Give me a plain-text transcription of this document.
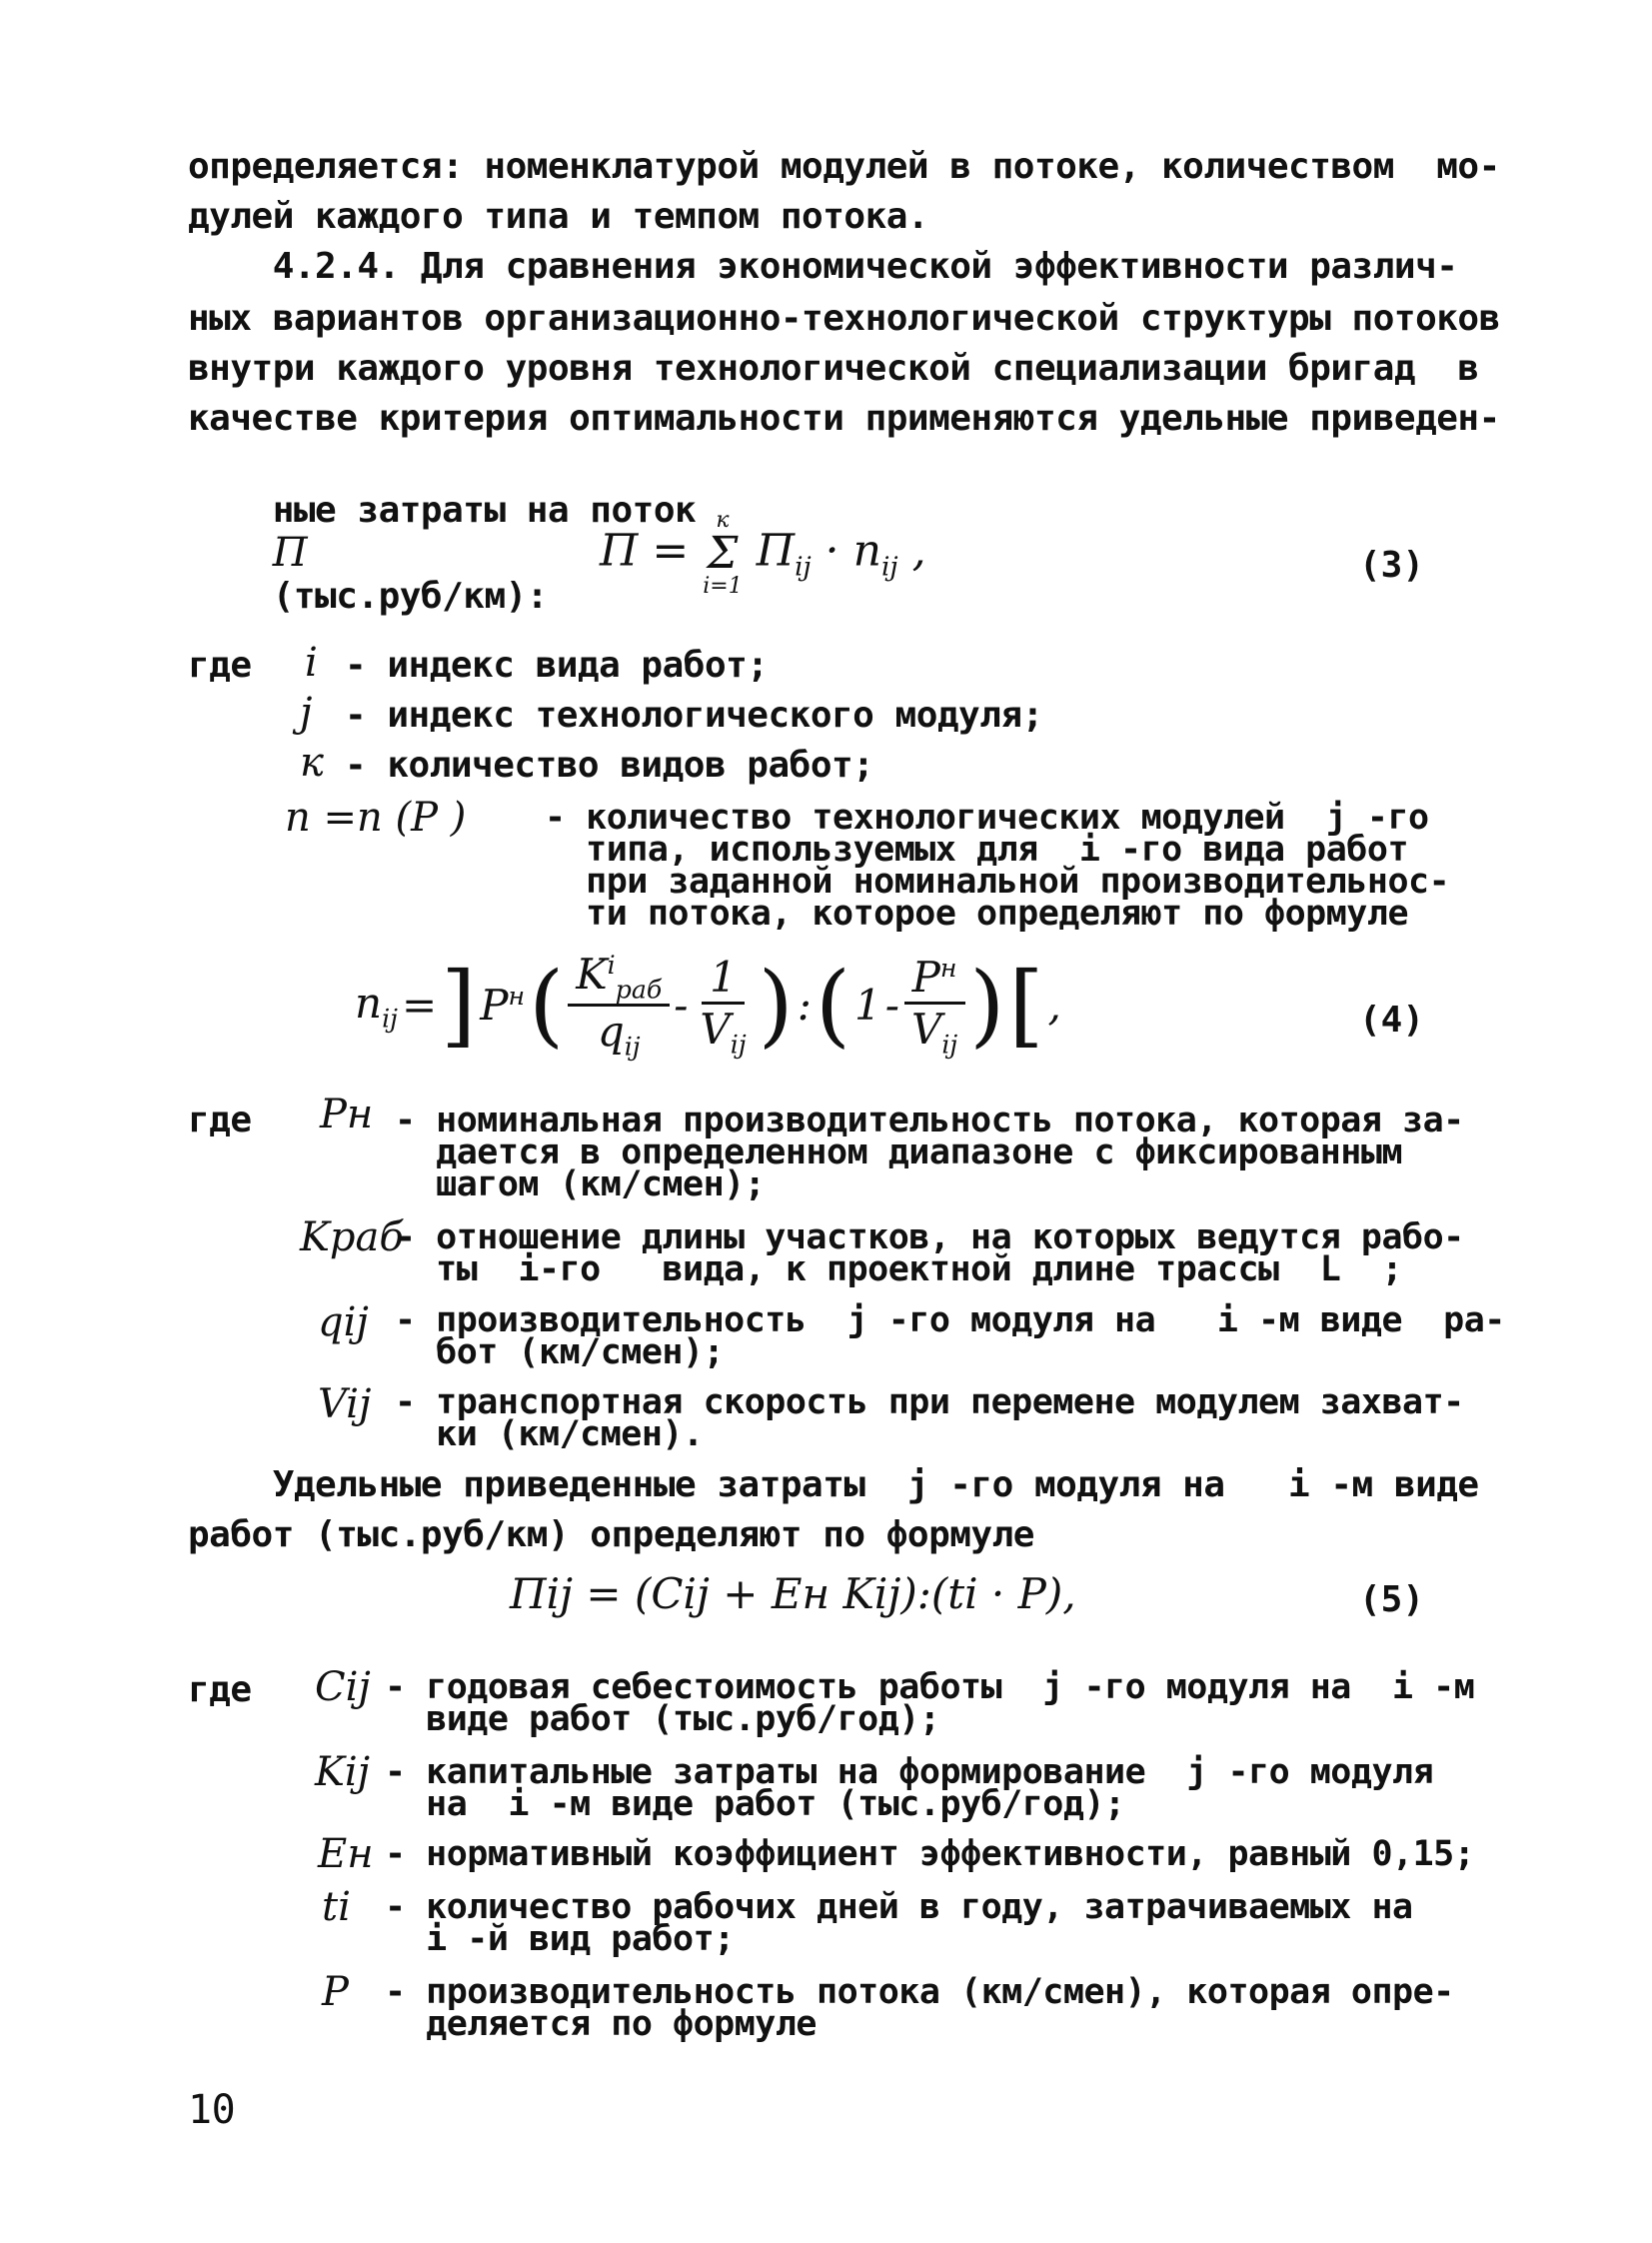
определяется: номенклатурой модулей в потоке, количеством  мо-
дулей каждого типа и темпом потока.
4.2.4. Для сравнения экономической эффективности различ-
ных вариантов организационно-технологической структуры потоков
внутри каждого уровня технологической специализации бригад  в
качестве критерия оптимальности применяются удельные приведен-

ные затраты на поток
П
(тыс.руб/км):

П =
к
Σ
i=1
$П_{ij} \cdot n_{ij}$ ,	(3)
где i - индекс вида работ;
j - индекс технологического модуля;
к - количество видов работ;
n =n (P ) - количество технологических модулей  j -го
типа, используемых для  i -го вида работ
при заданной номинальной производительнос-
ти потока, которое определяют по формуле
$n_{ij}$ = ] $P^н$ ( $\frac{K^i_{раб}}{q_{ij}} - \frac{1}{V_{ij}}$ ) : ( $1 - \frac{P^н}{V_{ij}}$ ) [ ,	(4)
где Pн - номинальная производительность потока, которая за-
дается в определенном диапазоне с фиксированным
шагом (км/смен);
Kраб
- отношение длины участков, на которых ведутся рабо-
ты  i-го   вида, к проектной длине трассы  L  ;
qij - производительность  j -го модуля на   i -м виде  ра-
бот (км/смен);
Vij - транспортная скорость при перемене модулем захват-
ки (км/смен).
Удельные приведенные затраты  j -го модуля на   i -м виде
работ (тыс.руб/км) определяют по формуле
Пij = (Cij + Eн Kij):(ti · P),	(5)
где Cij - годовая себестоимость работы  j -го модуля на  i -м
виде работ (тыс.руб/год);
Kij - капитальные затраты на формирование  j -го модуля
на  i -м виде работ (тыс.руб/год);
Eн - нормативный коэффициент эффективности, равный 0,15;
ti - количество рабочих дней в году, затрачиваемых на
i -й вид работ;
P - производительность потока (км/смен), которая опре-
деляется по формуле
10
